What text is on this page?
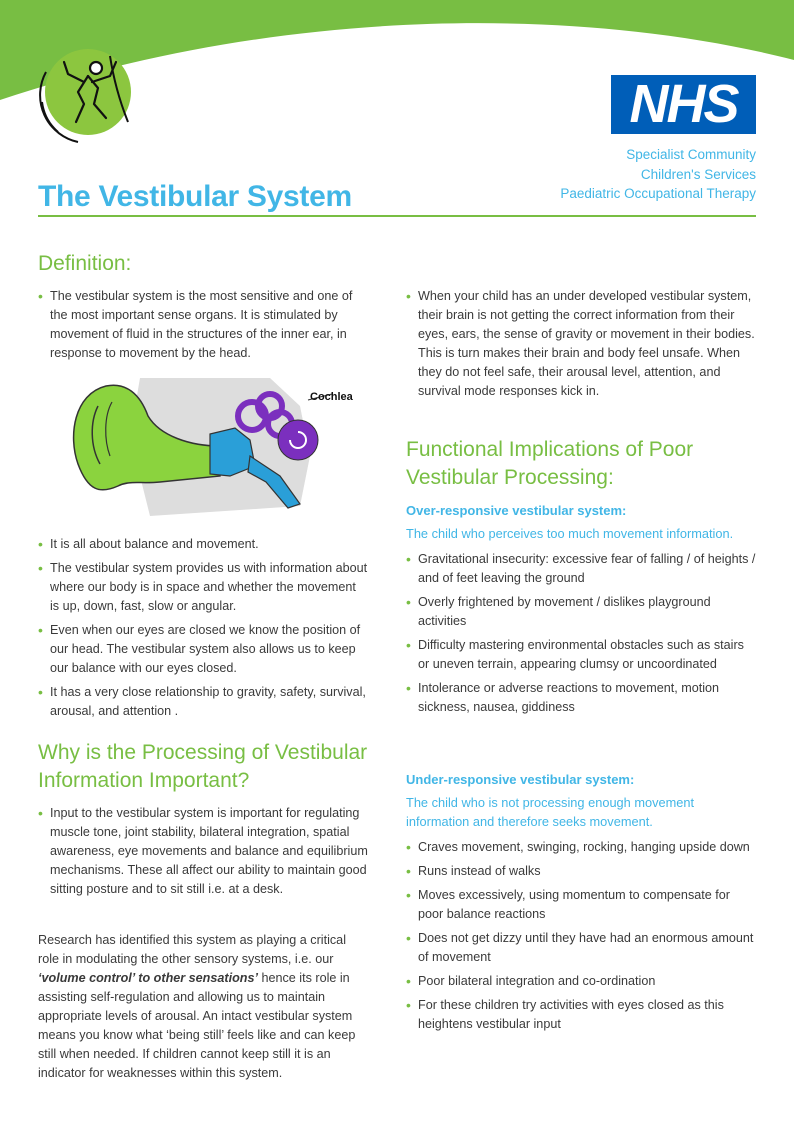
NHS
Specialist Community
Children's Services
Paediatric Occupational Therapy
The Vestibular System
Definition:
• The vestibular system is the most sensitive and one of the most important sense organs. It is stimulated by movement of fluid in the structures of the inner ear, in response to movement by the head.
Cochlea
• It is all about balance and movement.
• The vestibular system provides us with information about where our body is in space and whether the movement is up, down, fast, slow or angular.
• Even when our eyes are closed we know the position of our head. The vestibular system also allows us to keep our balance with our eyes closed.
• It has a very close relationship to gravity, safety, survival, arousal, and attention .
Why is the Processing of Vestibular Information Important?
• Input to the vestibular system is important for regulating muscle tone, joint stability, bilateral integration, spatial awareness, eye movements and balance and equilibrium mechanisms. These all affect our ability to maintain good sitting posture and to sit still i.e. at a desk.

Research has identified this system as playing a critical role in modulating the other sensory systems, i.e. our ‘volume control’ to other sensations’ hence its role in assisting self-regulation and allowing us to maintain appropriate levels of arousal. An intact vestibular system means you know what ‘being still’ feels like and can keep still when needed. If children cannot keep still it is an indicator for weaknesses within this system.

• When your child has an under developed vestibular system, their brain is not getting the correct information from their eyes, ears, the sense of gravity or movement in their bodies. This is turn makes their brain and body feel unsafe. When they do not feel safe, their arousal level, attention, and survival mode responses kick in.
Functional Implications of Poor Vestibular Processing:

Over-responsive vestibular system:

The child who perceives too much movement information.

• Gravitational insecurity: excessive fear of falling / of heights / and of feet leaving the ground
• Overly frightened by movement / dislikes playground activities
• Difficulty mastering environmental obstacles such as stairs or uneven terrain, appearing clumsy or uncoordinated
• Intolerance or adverse reactions to movement, motion sickness, nausea, giddiness

Under-responsive vestibular system:

The child who is not processing enough movement information and therefore seeks movement.

• Craves movement, swinging, rocking, hanging upside down
• Runs instead of walks
• Moves excessively, using momentum to compensate for poor balance reactions
• Does not get dizzy until they have had an enormous amount of movement
• Poor bilateral integration and co-ordination
• For these children try activities with eyes closed as this heightens vestibular input
